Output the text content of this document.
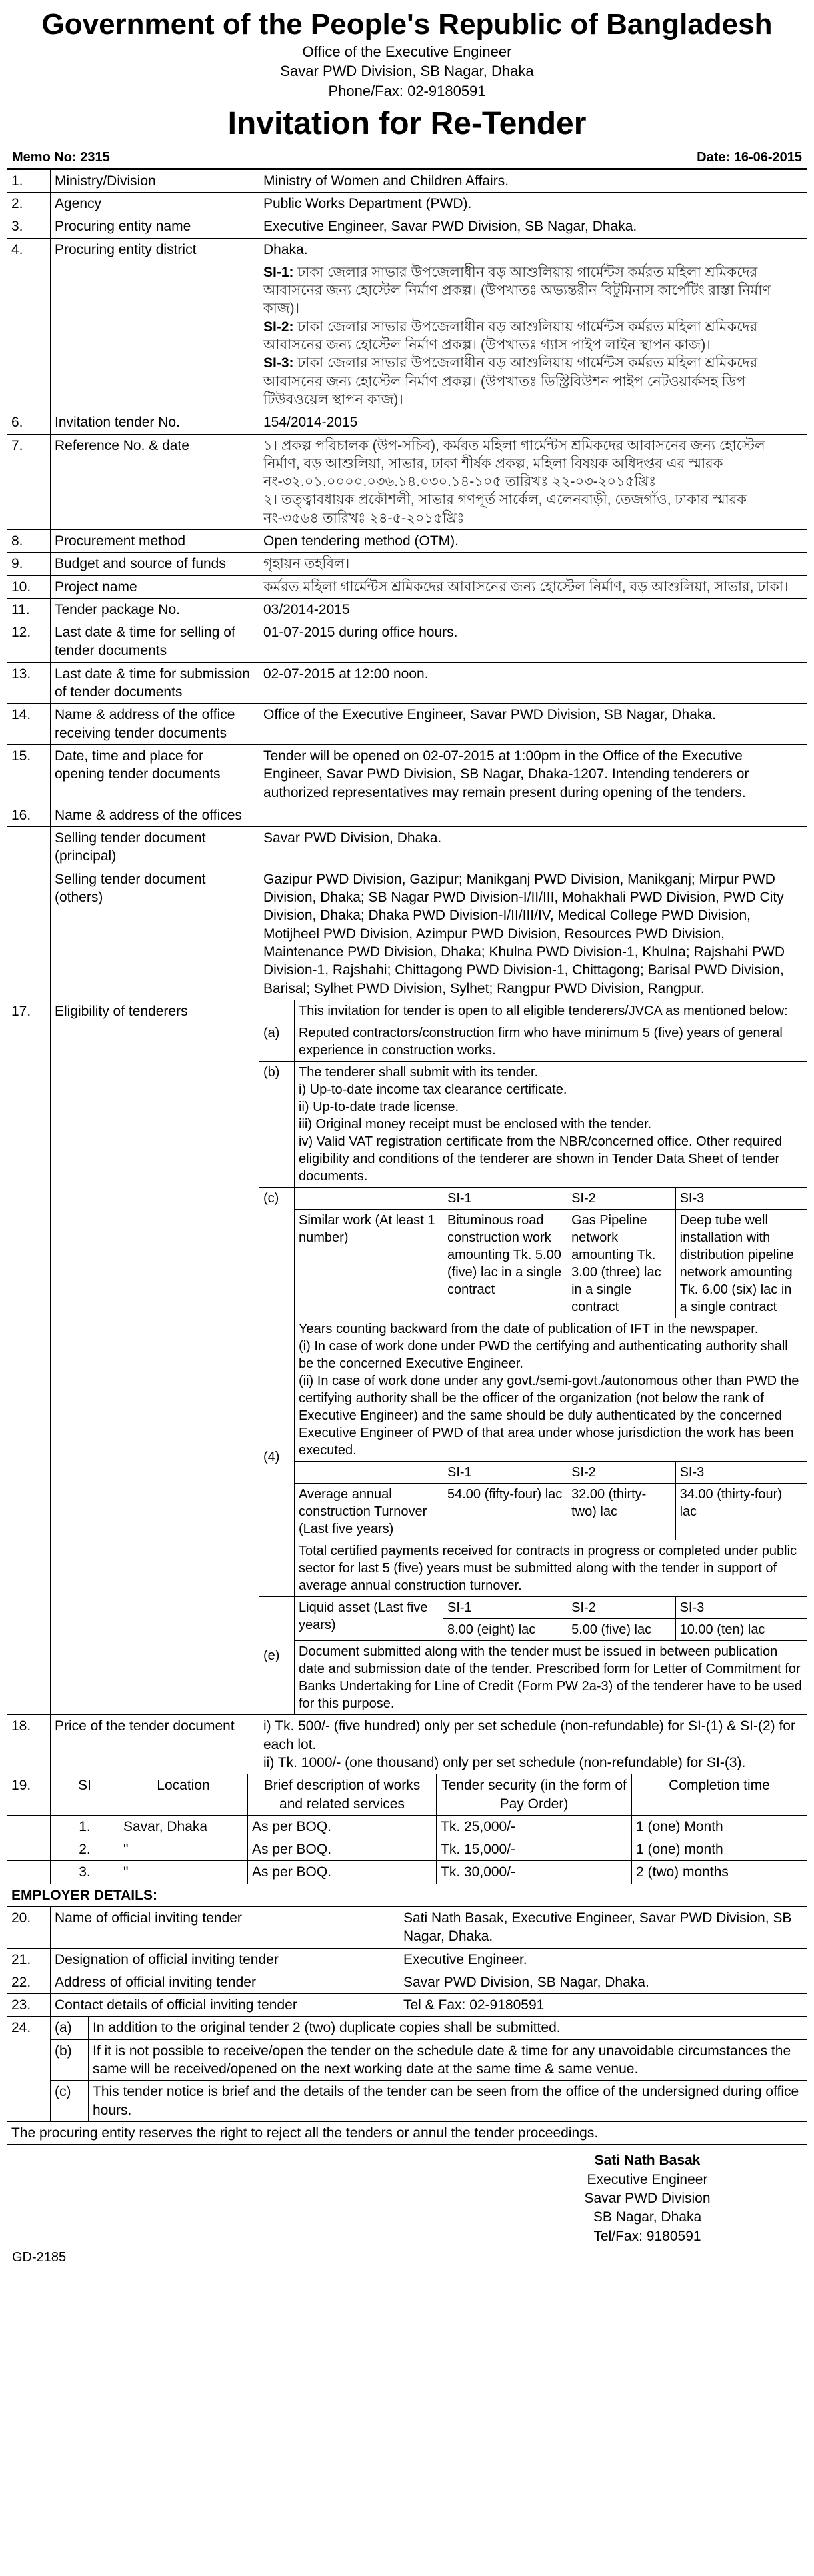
Government of the People's Republic of Bangladesh
Office of the Executive Engineer
Savar PWD Division, SB Nagar, Dhaka
Phone/Fax: 02-9180591
Invitation for Re-Tender
Memo No: 2315	Date: 16-06-2015
1.	Ministry/Division	Ministry of Women and Children Affairs.
2.	Agency	Public Works Department (PWD).
3.	Procuring entity name	Executive Engineer, Savar PWD Division, SB Nagar, Dhaka.
4.	Procuring entity district	Dhaka.

SI-1: ঢাকা জেলার সাভার উপজেলাধীন বড় আশুলিয়ায় গার্মেন্টস কর্মরত মহিলা শ্রমিকদের আবাসনের জন্য হোস্টেল নির্মাণ প্রকল্প। (উপখাতঃ অভ্যন্তরীন বিটুমিনাস কার্পেটিং রাস্তা নির্মাণ কাজ)।
SI-2: ঢাকা জেলার সাভার উপজেলাধীন বড় আশুলিয়ায় গার্মেন্টস কর্মরত মহিলা শ্রমিকদের আবাসনের জন্য হোস্টেল নির্মাণ প্রকল্প। (উপখাতঃ গ্যাস পাইপ লাইন স্থাপন কাজ)।
SI-3: ঢাকা জেলার সাভার উপজেলাধীন বড় আশুলিয়ায় গার্মেন্টস কর্মরত মহিলা শ্রমিকদের আবাসনের জন্য হোস্টেল নির্মাণ প্রকল্প। (উপখাতঃ ডিস্ট্রিবিউশন পাইপ নেটওয়ার্কসহ ডিপ টিউবওয়েল স্থাপন কাজ)।

6.	Invitation tender No.	154/2014-2015
7.	Reference No. & date	১। প্রকল্প পরিচালক (উপ-সচিব), কর্মরত মহিলা গার্মেন্টস শ্রমিকদের আবাসনের জন্য হোস্টেল নির্মাণ, বড় আশুলিয়া, সাভার, ঢাকা শীর্ষক প্রকল্প, মহিলা বিষয়ক অধিদপ্তর এর স্মারক নং-৩২.০১.০০০০.০৩৬.১৪.০৩০.১৪-১০৫ তারিখঃ ২২-০৩-২০১৫খ্রিঃ
২। তত্ত্বাবধায়ক প্রকৌশলী, সাভার গণপূর্ত সার্কেল, এলেনবাড়ী, তেজগাঁও, ঢাকার স্মারক নং-৩৫৬৪ তারিখঃ ২৪-৫-২০১৫খ্রিঃ

8.	Procurement method	Open tendering method (OTM).
9.	Budget and source of funds	গৃহায়ন তহবিল।
10.	Project name	কর্মরত মহিলা গার্মেন্টস শ্রমিকদের আবাসনের জন্য হোস্টেল নির্মাণ, বড় আশুলিয়া, সাভার, ঢাকা।
11.	Tender package No.	03/2014-2015
12.	Last date & time for selling of tender documents	01-07-2015 during office hours.
13.	Last date & time for submission of tender documents	02-07-2015 at 12:00 noon.
14.	Name & address of the office receiving tender documents	Office of the Executive Engineer, Savar PWD Division, SB Nagar, Dhaka.
15.	Date, time and place for opening tender documents	Tender will be opened on 02-07-2015 at 1:00pm in the Office of the Executive Engineer, Savar PWD Division, SB Nagar, Dhaka-1207. Intending tenderers or authorized representatives may remain present during opening of the tenders.
16.	Name & address of the offices
	Selling tender document (principal)	Savar PWD Division, Dhaka.
	Selling tender document (others)	Gazipur PWD Division, Gazipur; Manikganj PWD Division, Manikganj; Mirpur PWD Division, Dhaka; SB Nagar PWD Division-I/II/III, Mohakhali PWD Division, PWD City Division, Dhaka; Dhaka PWD Division-I/II/III/IV, Medical College PWD Division, Motijheel PWD Division, Azimpur PWD Division, Resources PWD Division, Maintenance PWD Division, Dhaka; Khulna PWD Division-1, Khulna; Rajshahi PWD Division-1, Rajshahi; Chittagong PWD Division-1, Chittagong; Barisal PWD Division, Barisal; Sylhet PWD Division, Sylhet; Rangpur PWD Division, Rangpur.
17.	Eligibility of tenderers	
		This invitation for tender is open to all eligible tenderers/JVCA as mentioned below:
(a)	Reputed contractors/construction firm who have minimum 5 (five) years of general experience in construction works.
(b)	The tenderer shall submit with its tender.
i) Up-to-date income tax clearance certificate.
ii) Up-to-date trade license.
iii) Original money receipt must be enclosed with the tender.
iv) Valid VAT registration certificate from the NBR/concerned office. Other required eligibility and conditions of the tenderer are shown in Tender Data Sheet of tender documents.

(c)		SI-1	SI-2	SI-3
Similar work (At least 1 number)	Bituminous road construction work amounting Tk. 5.00 (five) lac in a single contract	Gas Pipeline network amounting Tk. 3.00 (three) lac in a single contract	Deep tube well installation with distribution pipeline network amounting Tk. 6.00 (six) lac in a single contract
(4)	
Years counting backward from the date of publication of IFT in the newspaper.
(i) In case of work done under PWD the certifying and authenticating authority shall be the concerned Executive Engineer.
(ii) In case of work done under any govt./semi-govt./autonomous other than PWD the certifying authority shall be the officer of the organization (not below the rank of Executive Engineer) and the same should be duly authenticated by the concerned Executive Engineer of PWD of that area under whose jurisdiction the work has been executed.

	SI-1	SI-2	SI-3
Average annual construction Turnover (Last five years)	54.00 (fifty-four) lac	32.00 (thirty-two) lac	34.00 (thirty-four) lac
Total certified payments received for contracts in progress or completed under public sector for last 5 (five) years must be submitted along with the tender in support of average annual construction turnover.
(e)	Liquid asset (Last five years)	SI-1	SI-2	SI-3
8.00 (eight) lac	5.00 (five) lac	10.00 (ten) lac
Document submitted along with the tender must be issued in between publication date and submission date of the tender. Prescribed form for Letter of Commitment for Banks Undertaking for Line of Credit (Form PW 2a-3) of the tenderer have to be used for this purpose.

18.	Price of the tender document	i) Tk. 500/- (five hundred) only per set schedule (non-refundable) for SI-(1) & SI-(2) for each lot.
ii) Tk. 1000/- (one thousand) only per set schedule (non-refundable) for SI-(3).
19.	SI	Location	Brief description of works and related services	Tender security (in the form of Pay Order)	Completion time
	1.	Savar, Dhaka	As per BOQ.	Tk. 25,000/-	1 (one) Month
	2.	"	As per BOQ.	Tk. 15,000/-	1 (one) month
	3.	"	As per BOQ.	Tk. 30,000/-	2 (two) months
EMPLOYER DETAILS:					
20.	Name of official inviting tender	Sati Nath Basak, Executive Engineer, Savar PWD Division, SB Nagar, Dhaka.
21.	Designation of official inviting tender	Executive Engineer.
22.	Address of official inviting tender	Savar PWD Division, SB Nagar, Dhaka.
23.	Contact details of official inviting tender	Tel & Fax: 02-9180591
24.	(a)	In addition to the original tender 2 (two) duplicate copies shall be submitted.
	(b)	If it is not possible to receive/open the tender on the schedule date & time for any unavoidable circumstances the same will be received/opened on the next working date at the same time & same venue.
	(c)	This tender notice is brief and the details of the tender can be seen from the office of the undersigned during office hours.
The procuring entity reserves the right to reject all the tenders or annul the tender proceedings.		
Sati Nath Basak
Executive Engineer
Savar PWD Division
SB Nagar, Dhaka
Tel/Fax: 9180591
GD-2185
